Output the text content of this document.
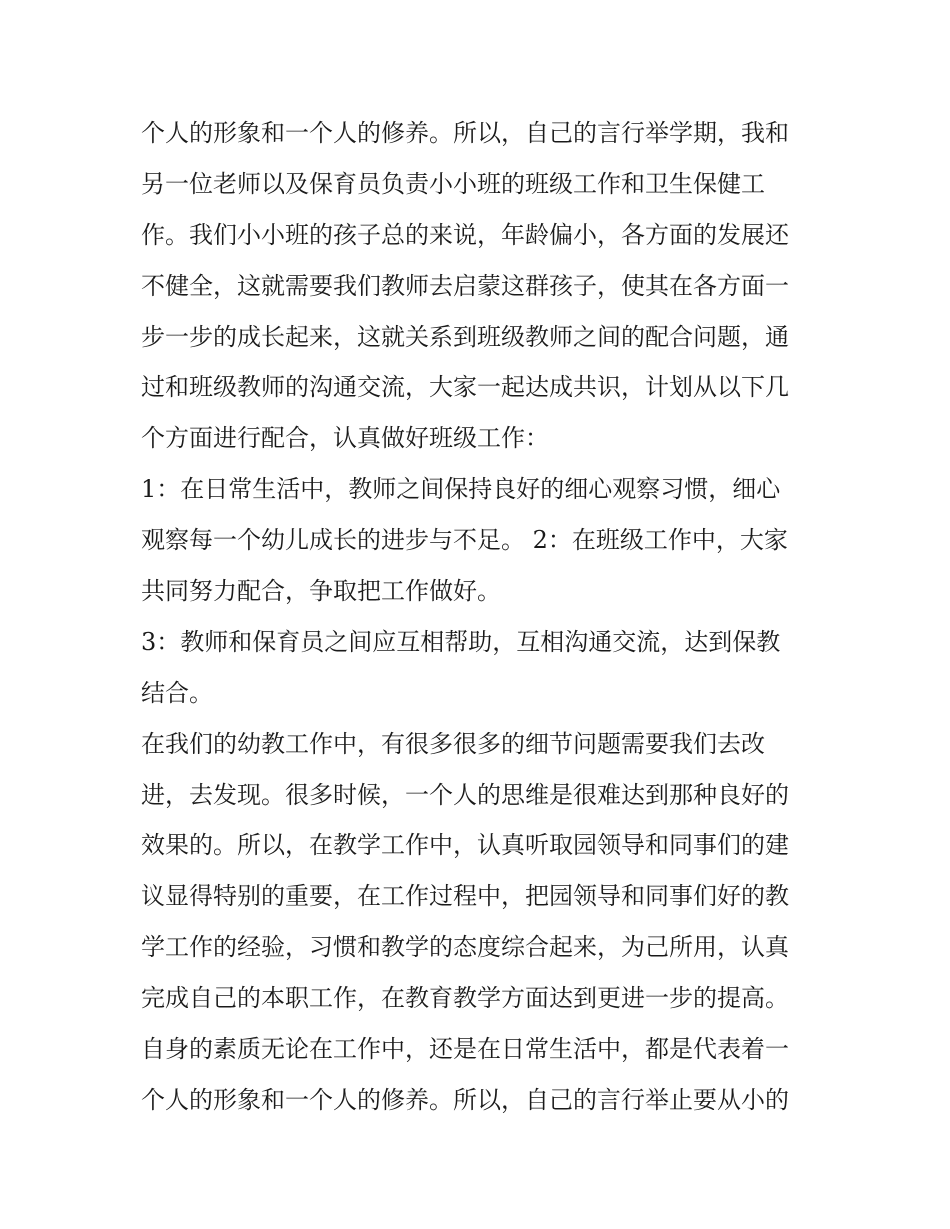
个人的形象和一个人的修养。所以，自己的言行举学期，我和
另一位老师以及保育员负责小小班的班级工作和卫生保健工
作。我们小小班的孩子总的来说，年龄偏小，各方面的发展还
不健全，这就需要我们教师去启蒙这群孩子，使其在各方面一
步一步的成长起来，这就关系到班级教师之间的配合问题，通
过和班级教师的沟通交流，大家一起达成共识，计划从以下几
个方面进行配合，认真做好班级工作：
1：在日常生活中，教师之间保持良好的细心观察习惯，细心
观察每一个幼儿成长的进步与不足。 2：在班级工作中，大家
共同努力配合，争取把工作做好。
3：教师和保育员之间应互相帮助，互相沟通交流，达到保教
结合。
在我们的幼教工作中，有很多很多的细节问题需要我们去改
进，去发现。很多时候，一个人的思维是很难达到那种良好的
效果的。所以，在教学工作中，认真听取园领导和同事们的建
议显得特别的重要，在工作过程中，把园领导和同事们好的教
学工作的经验，习惯和教学的态度综合起来，为己所用，认真
完成自己的本职工作，在教育教学方面达到更进一步的提高。
自身的素质无论在工作中，还是在日常生活中，都是代表着一
个人的形象和一个人的修养。所以，自己的言行举止要从小的
